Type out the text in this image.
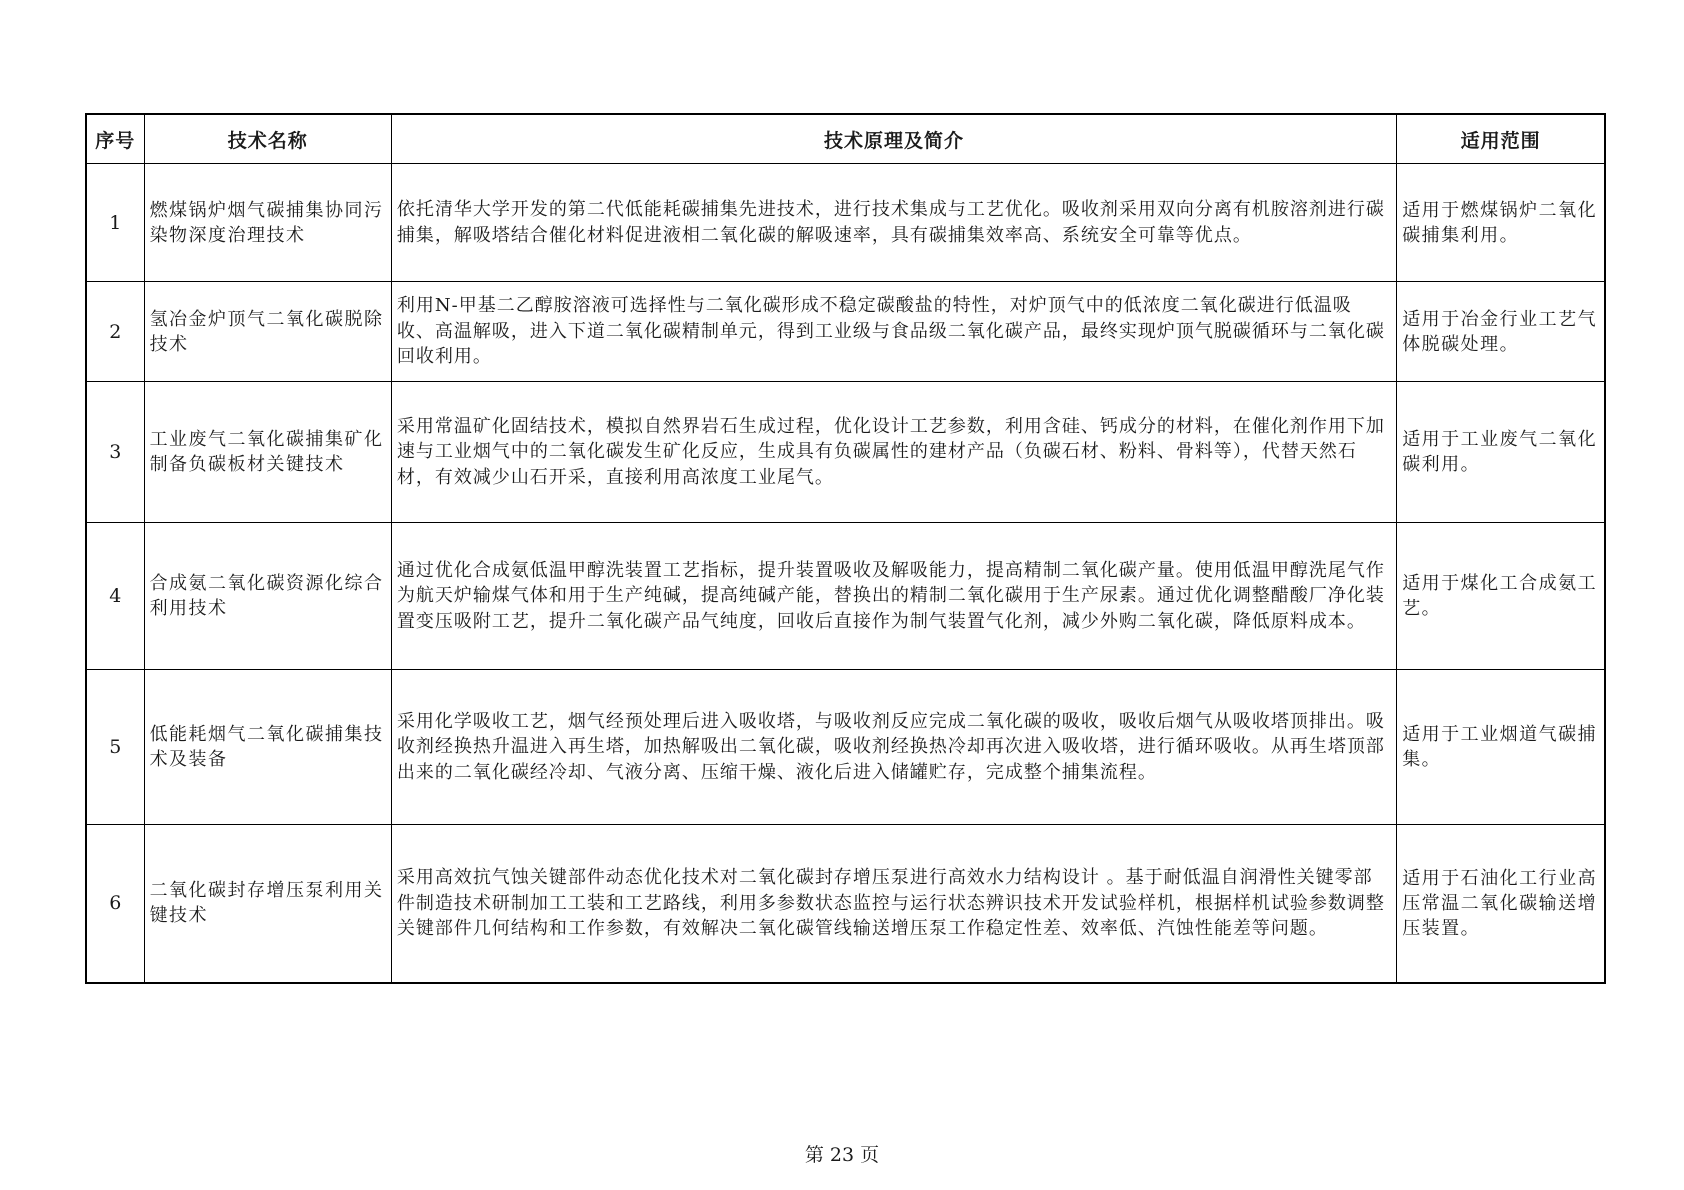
序号	技术名称	技术原理及简介	适用范围
1	燃煤锅炉烟气碳捕集协同污染物深度治理技术	依托清华大学开发的第二代低能耗碳捕集先进技术，进行技术集成与工艺优化。吸收剂采用双向分离有机胺溶剂进行碳捕集，解吸塔结合催化材料促进液相二氧化碳的解吸速率，具有碳捕集效率高、系统安全可靠等优点。	适用于燃煤锅炉二氧化碳捕集利用。
2	氢冶金炉顶气二氧化碳脱除技术	利用N-甲基二乙醇胺溶液可选择性与二氧化碳形成不稳定碳酸盐的特性，对炉顶气中的低浓度二氧化碳进行低温吸收、高温解吸，进入下道二氧化碳精制单元，得到工业级与食品级二氧化碳产品，最终实现炉顶气脱碳循环与二氧化碳回收利用。	适用于冶金行业工艺气体脱碳处理。
3	工业废气二氧化碳捕集矿化制备负碳板材关键技术	采用常温矿化固结技术，模拟自然界岩石生成过程，优化设计工艺参数，利用含硅、钙成分的材料，在催化剂作用下加速与工业烟气中的二氧化碳发生矿化反应，生成具有负碳属性的建材产品（负碳石材、粉料、骨料等），代替天然石材，有效减少山石开采，直接利用高浓度工业尾气。	适用于工业废气二氧化碳利用。
4	合成氨二氧化碳资源化综合利用技术	通过优化合成氨低温甲醇洗装置工艺指标，提升装置吸收及解吸能力，提高精制二氧化碳产量。使用低温甲醇洗尾气作为航天炉输煤气体和用于生产纯碱，提高纯碱产能，替换出的精制二氧化碳用于生产尿素。通过优化调整醋酸厂净化装置变压吸附工艺，提升二氧化碳产品气纯度，回收后直接作为制气装置气化剂，减少外购二氧化碳，降低原料成本。	适用于煤化工合成氨工艺。
5	低能耗烟气二氧化碳捕集技术及装备	采用化学吸收工艺，烟气经预处理后进入吸收塔，与吸收剂反应完成二氧化碳的吸收，吸收后烟气从吸收塔顶排出。吸收剂经换热升温进入再生塔，加热解吸出二氧化碳，吸收剂经换热冷却再次进入吸收塔，进行循环吸收。从再生塔顶部出来的二氧化碳经冷却、气液分离、压缩干燥、液化后进入储罐贮存，完成整个捕集流程。	适用于工业烟道气碳捕集。
6	二氧化碳封存增压泵利用关键技术	采用高效抗气蚀关键部件动态优化技术对二氧化碳封存增压泵进行高效水力结构设计 。基于耐低温自润滑性关键零部件制造技术研制加工工装和工艺路线，利用多参数状态监控与运行状态辨识技术开发试验样机，根据样机试验参数调整关键部件几何结构和工作参数，有效解决二氧化碳管线输送增压泵工作稳定性差、效率低、汽蚀性能差等问题。	适用于石油化工行业高压常温二氧化碳输送增压装置。
第 23 页
